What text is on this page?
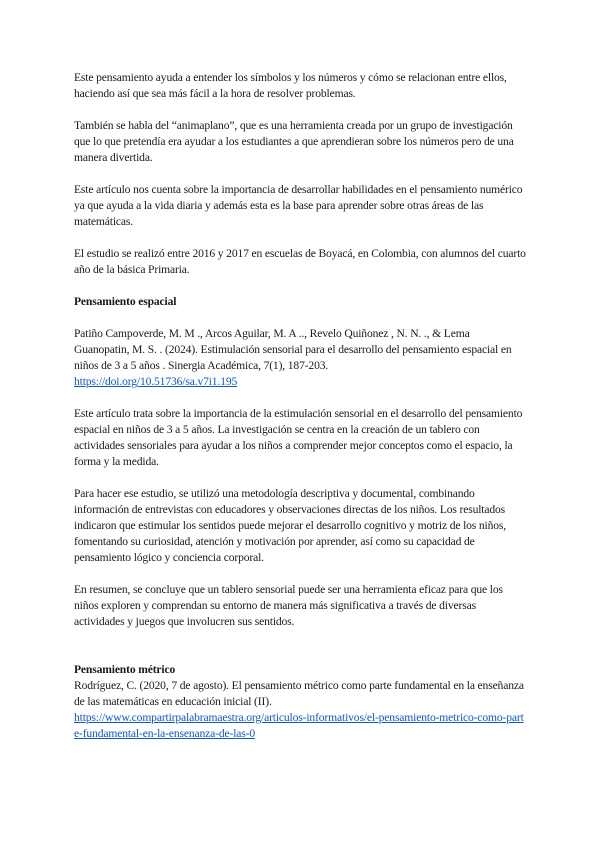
Este pensamiento ayuda a entender los símbolos y los números y cómo se relacionan entre ellos, haciendo así que sea más fácil a la hora de resolver problemas.

También se habla del “animaplano”, que es una herramienta creada por un grupo de investigación que lo que pretendía era ayudar a los estudiantes a que aprendieran sobre los números pero de una manera divertida.

Este artículo nos cuenta sobre la importancia de desarrollar habilidades en el pensamiento numérico ya que ayuda a la vida diaria y además esta es la base para aprender sobre otras áreas de las matemáticas.

El estudio se realizó entre 2016 y 2017 en escuelas de Boyacá, en Colombia, con alumnos del cuarto año de la básica Primaria.

Pensamiento espacial

Patiño Campoverde, M. M ., Arcos Aguilar, M. A .., Revelo Quiñonez , N. N. ., & Lema Guanopatin, M. S. . (2024). Estimulación sensorial para el desarrollo del pensamiento espacial en niños de 3 a 5 años . Sinergia Académica, 7(1), 187-203.

https://doi.org/10.51736/sa.v7i1.195

Este artículo trata sobre la importancia de la estimulación sensorial en el desarrollo del pensamiento espacial en niños de 3 a 5 años. La investigación se centra en la creación de un tablero con actividades sensoriales para ayudar a los niños a comprender mejor conceptos como el espacio, la forma y la medida.

Para hacer ese estudio, se utilizó una metodología descriptiva y documental, combinando información de entrevistas con educadores y observaciones directas de los niños. Los resultados indicaron que estimular los sentidos puede mejorar el desarrollo cognitivo y motriz de los niños, fomentando su curiosidad, atención y motivación por aprender, así como su capacidad de pensamiento lógico y conciencia corporal.

En resumen, se concluye que un tablero sensorial puede ser una herramienta eficaz para que los niños exploren y comprendan su entorno de manera más significativa a través de diversas actividades y juegos que involucren sus sentidos.

Pensamiento métrico

Rodríguez, C. (2020, 7 de agosto). El pensamiento métrico como parte fundamental en la enseñanza de las matemáticas en educación inicial (II).

https://www.compartirpalabramaestra.org/articulos-informativos/el-pensamiento-metrico-como-parte-fundamental-en-la-ensenanza-de-las-0
